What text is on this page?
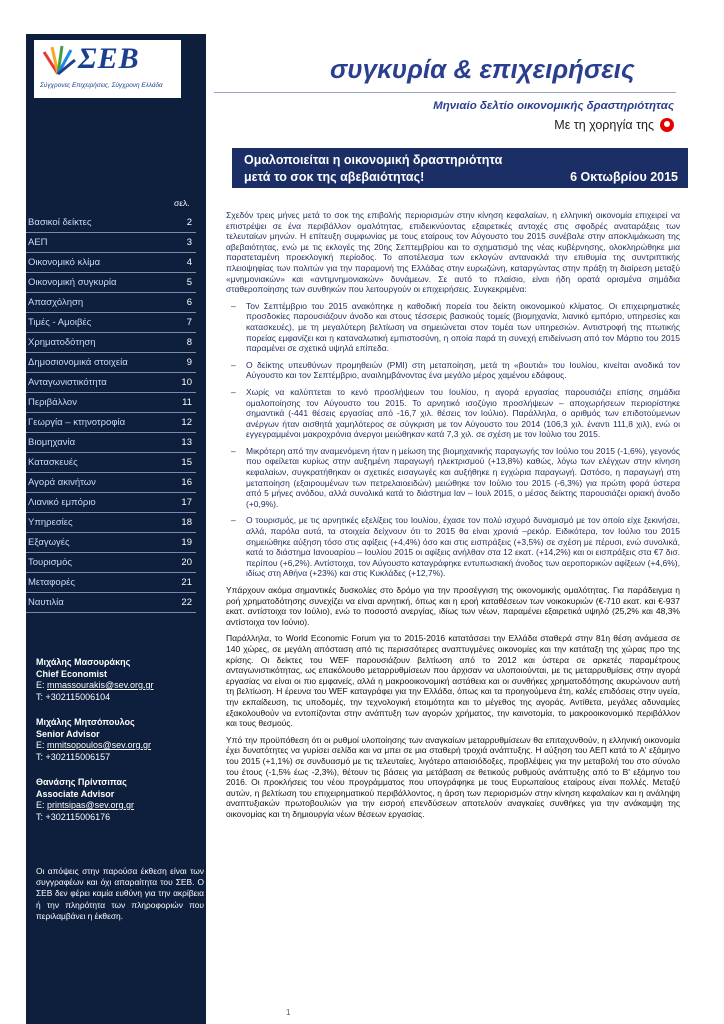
ΣΕΒ
Σύγχρονες Επιχειρήσεις, Σύγχρονη Ελλάδα
συγκυρία & επιχειρήσεις
Μηνιαίο δελτίο οικονομικής δραστηριότητας
Με τη χορηγία της
Ομαλοποιείται η οικονομική δραστηριότητα
μετά το σοκ της αβεβαιότητας!	6 Οκτωβρίου 2015
σελ.
Βασικοί δείκτες	2
ΑΕΠ	3
Οικονομικό κλίμα	4
Οικονομική συγκυρία	5
Απασχόληση	6
Τιμές - Αμοιβές	7
Χρηματοδότηση	8
Δημοσιονομικά στοιχεία	9
Ανταγωνιστικότητα	10
Περιβάλλον	11
Γεωργία – κτηνοτροφία	12
Βιομηχανία	13
Κατασκευές	15
Αγορά ακινήτων	16
Λιανικό εμπόριο	17
Υπηρεσίες	18
Εξαγωγές	19
Τουρισμός	20
Μεταφορές	21
Ναυτιλία	22
Μιχάλης Μασουράκης
Chief Economist
E: mmassourakis@sev.org.gr
T: +302115006104
Μιχάλης Μητσόπουλος
Senior Advisor
E: mmitsopoulos@sev.org.gr
T: +302115006157
Θανάσης Πρίντσιπας
Associate Advisor
E: printsipas@sev.org.gr
T: +302115006176
Οι απόψεις στην παρούσα έκθεση είναι των συγγραφέων και όχι απαραίτητα του ΣΕΒ. Ο ΣΕΒ δεν φέρει καμία ευθύνη για την ακρίβεια ή την πληρότητα των πληροφοριών που περιλαμβάνει η έκθεση.

Σχεδόν τρεις μήνες μετά το σοκ της επιβολής περιορισμών στην κίνηση κεφαλαίων, η ελληνική οικονομία επιχειρεί να επιστρέψει σε ένα περιβάλλον ομαλότητας, επιδεικνύοντας εξαιρετικές αντοχές στις σφοδρές αναταράξεις των τελευταίων μηνών. Η επίτευξη συμφωνίας με τους εταίρους τον Αύγουστο του 2015 συνέβαλε στην αποκλιμάκωση της αβεβαιότητας, ενώ με τις εκλογές της 20ης Σεπτεμβρίου και το σχηματισμό της νέας κυβέρνησης, ολοκληρώθηκε μια παρατεταμένη προεκλογική περίοδος. Το αποτέλεσμα των εκλογών αντανακλά την επιθυμία της συντριπτικής πλειοψηφίας των πολιτών για την παραμονή της Ελλάδας στην ευρωζώνη, καταργώντας στην πράξη τη διαίρεση μεταξύ «μνημονιακών» και «αντιμνημονιακών» δυνάμεων. Σε αυτό το πλαίσιο, είναι ήδη ορατά ορισμένα σημάδια σταθεροποίησης των συνθηκών που λειτουργούν οι επιχειρήσεις. Συγκεκριμένα:

– Τον Σεπτέμβριο του 2015 ανακόπηκε η καθοδική πορεία του δείκτη οικονομικού κλίματος. Οι επιχειρηματικές προσδοκίες παρουσιάζουν άνοδο και στους τέσσερις βασικούς τομείς (βιομηχανία, λιανικό εμπόριο, υπηρεσίες και κατασκευές), με τη μεγαλύτερη βελτίωση να σημειώνεται στον τομέα των υπηρεσιών. Αντιστροφή της πτωτικής πορείας εμφανίζει και η καταναλωτική εμπιστοσύνη, η οποία παρά τη συνεχή επιδείνωση από τον Μάρτιο του 2015 παραμένει σε σχετικά υψηλά επίπεδα.
– Ο δείκτης υπευθύνων προμηθειών (PMI) στη μεταποίηση, μετά τη «βουτιά» του Ιουλίου, κινείται ανοδικά τον Αύγουστο και τον Σεπτέμβριο, αναιλημβάνοντας ένα μεγάλο μέρος χαμένου εδάφους.
– Χωρίς να καλύπτεται το κενό προσλήψεων του Ιουλίου, η αγορά εργασίας παρουσιάζει επίσης σημάδια ομαλοποίησης τον Αύγουστο του 2015. Το αρνητικό ισοζύγιο προσλήψεων – αποχωρήσεων περιορίστηκε σημαντικά (-441 θέσεις εργασίας από -16,7 χιλ. θέσεις τον Ιούλιο). Παράλληλα, ο αριθμός των επιδοτούμενων ανέργων ήταν αισθητά χαμηλότερος σε σύγκριση με τον Αύγουστο του 2014 (106,3 χιλ. έναντι 111,8 χιλ), ενώ οι εγγεγραμμένοι μακροχρόνια άνεργοι μειώθηκαν κατά 7,3 χιλ. σε σχέση με τον Ιούλιο του 2015.
– Μικρότερη από την αναμενόμενη ήταν η μείωση της βιομηχανικής παραγωγής τον Ιούλιο του 2015 (-1,6%), γεγονός που οφείλεται κυρίως στην αυξημένη παραγωγή ηλεκτρισμού (+13,8%) καθώς, λόγω των ελέγχων στην κίνηση κεφαλαίων, συγκρατήθηκαν οι σχετικές εισαγωγές και αυξήθηκε η εγχώρια παραγωγή. Ωστόσο, η παραγωγή στη μεταποίηση (εξαιρουμένων των πετρελαιοειδών) μειώθηκε τον Ιούλιο του 2015 (-6,3%) για πρώτη φορά ύστερα από 5 μήνες ανόδου, αλλά συνολικά κατά το διάστημα Ιαν – Ιουλ 2015, ο μέσος δείκτης παρουσιάζει οριακή άνοδο (+0,9%).
– Ο τουρισμός, με τις αρνητικές εξελίξεις του Ιουλίου, έχασε τον πολύ ισχυρό δυναμισμό με τον οποίο είχε ξεκινήσει, αλλά, παρόλα αυτά, τα στοιχεία δείχνουν ότι το 2015 θα είναι χρονιά –ρεκόρ. Ειδικότερα, τον Ιούλιο του 2015 σημειώθηκε αύξηση τόσο στις αφίξεις (+4,4%) όσο και στις εισπράξεις (+3,5%) σε σχέση με πέρυσι, ενώ συνολικά, κατά το διάστημα Ιανουαρίου – Ιουλίου 2015 οι αφίξεις ανήλθαν στα 12 εκατ. (+14,2%) και οι εισπράξεις στα €7 δισ. περίπου (+6,2%). Αντίστοιχα, τον Αύγουστο καταγράφηκε εντυπωσιακή άνοδος των αεροπορικών αφίξεων (+4,6%), ιδίως στη Αθήνα (+23%) και στις Κυκλάδες (+12,7%).

Υπάρχουν ακόμα σημαντικές δυσκολίες στο δρόμο για την προσέγγιση της οικονομικής ομαλότητας. Για παράδειγμα η ροή χρηματοδότησης συνεχίζει να είναι αρνητική, όπως και η εροή καταθέσεων των νοικοκυριών (€-710 εκατ. και €-937 εκατ. αντίστοιχα τον Ιούλιο), ενώ το ποσοστό ανεργίας, ιδίως των νέων, παραμένει εξαιρετικά υψηλό (25,2% και 48,3% αντίστοιχα τον Ιούνιο).

Παράλληλα, το World Economic Forum για το 2015-2016 κατατάσσει την Ελλάδα σταθερά στην 81η θέση ανάμεσα σε 140 χώρες, σε μεγάλη απόσταση από τις περισσότερες αναπτυγμένες οικονομίες και την κατάταξη της χώρας προ της κρίσης. Οι δείκτες του WEF παρουσιάζουν βελτίωση από το 2012 και ύστερα σε αρκετές παραμέτρους ανταγωνιστικότητας, ως επακόλουθο μεταρρυθμίσεων που άρχισαν να υλοποιούνται, με τις μεταρρυθμίσεις στην αγορά εργασίας να είναι οι πιο εμφανείς, αλλά η μακροοικονομική αστάθεια και οι συνθήκες χρηματοδότησης ακυρώνουν αυτή τη βελτίωση. Η έρευνα του WEF καταγράφει για την Ελλάδα, όπως και τα προηγούμενα έτη, καλές επιδόσεις στην υγεία, την εκπαίδευση, τις υποδομές, την τεχνολογική ετοιμότητα και το μέγεθος της αγοράς. Αντίθετα, μεγάλες αδυναμίες εξακολουθούν να εντοπίζονται στην ανάπτυξη των αγορών χρήματος, την καινοτομία, το μακροοικονομικό περιβάλλον και τους θεσμούς.

Υπό την προϋπόθεση ότι οι ρυθμοί υλοποίησης των αναγκαίων μεταρρυθμίσεων θα επιταχυνθούν, η ελληνική οικονομία έχει δυνατότητες να γυρίσει σελίδα και να μπει σε μια σταθερή τροχιά ανάπτυξης. Η αύξηση του ΑΕΠ κατά το Α' εξάμηνο του 2015 (+1,1%) σε συνδυασμό με τις τελευταίες, λιγότερο απαισιόδοξες, προβλέψεις για την μεταβολή του στο σύνολο του έτους (-1,5% έως -2,3%), θέτουν τις βάσεις για μετάβαση σε θετικούς ρυθμούς ανάπτυξης από το Β' εξάμηνο του 2016. Οι προκλήσεις του νέου προγράμματος που υπογράφηκε με τους Ευρωπαίους εταίρους είναι πολλές. Μεταξύ αυτών, η βελτίωση του επιχειρηματικού περιβάλλοντος, η άρση των περιορισμών στην κίνηση κεφαλαίων και η ανάληψη αναπτυξιακών πρωτοβουλιών για την εισροή επενδύσεων αποτελούν αναγκαίες συνθήκες για την ανάκαμψη της οικονομίας και τη δημιουργία νέων θέσεων εργασίας.

1
